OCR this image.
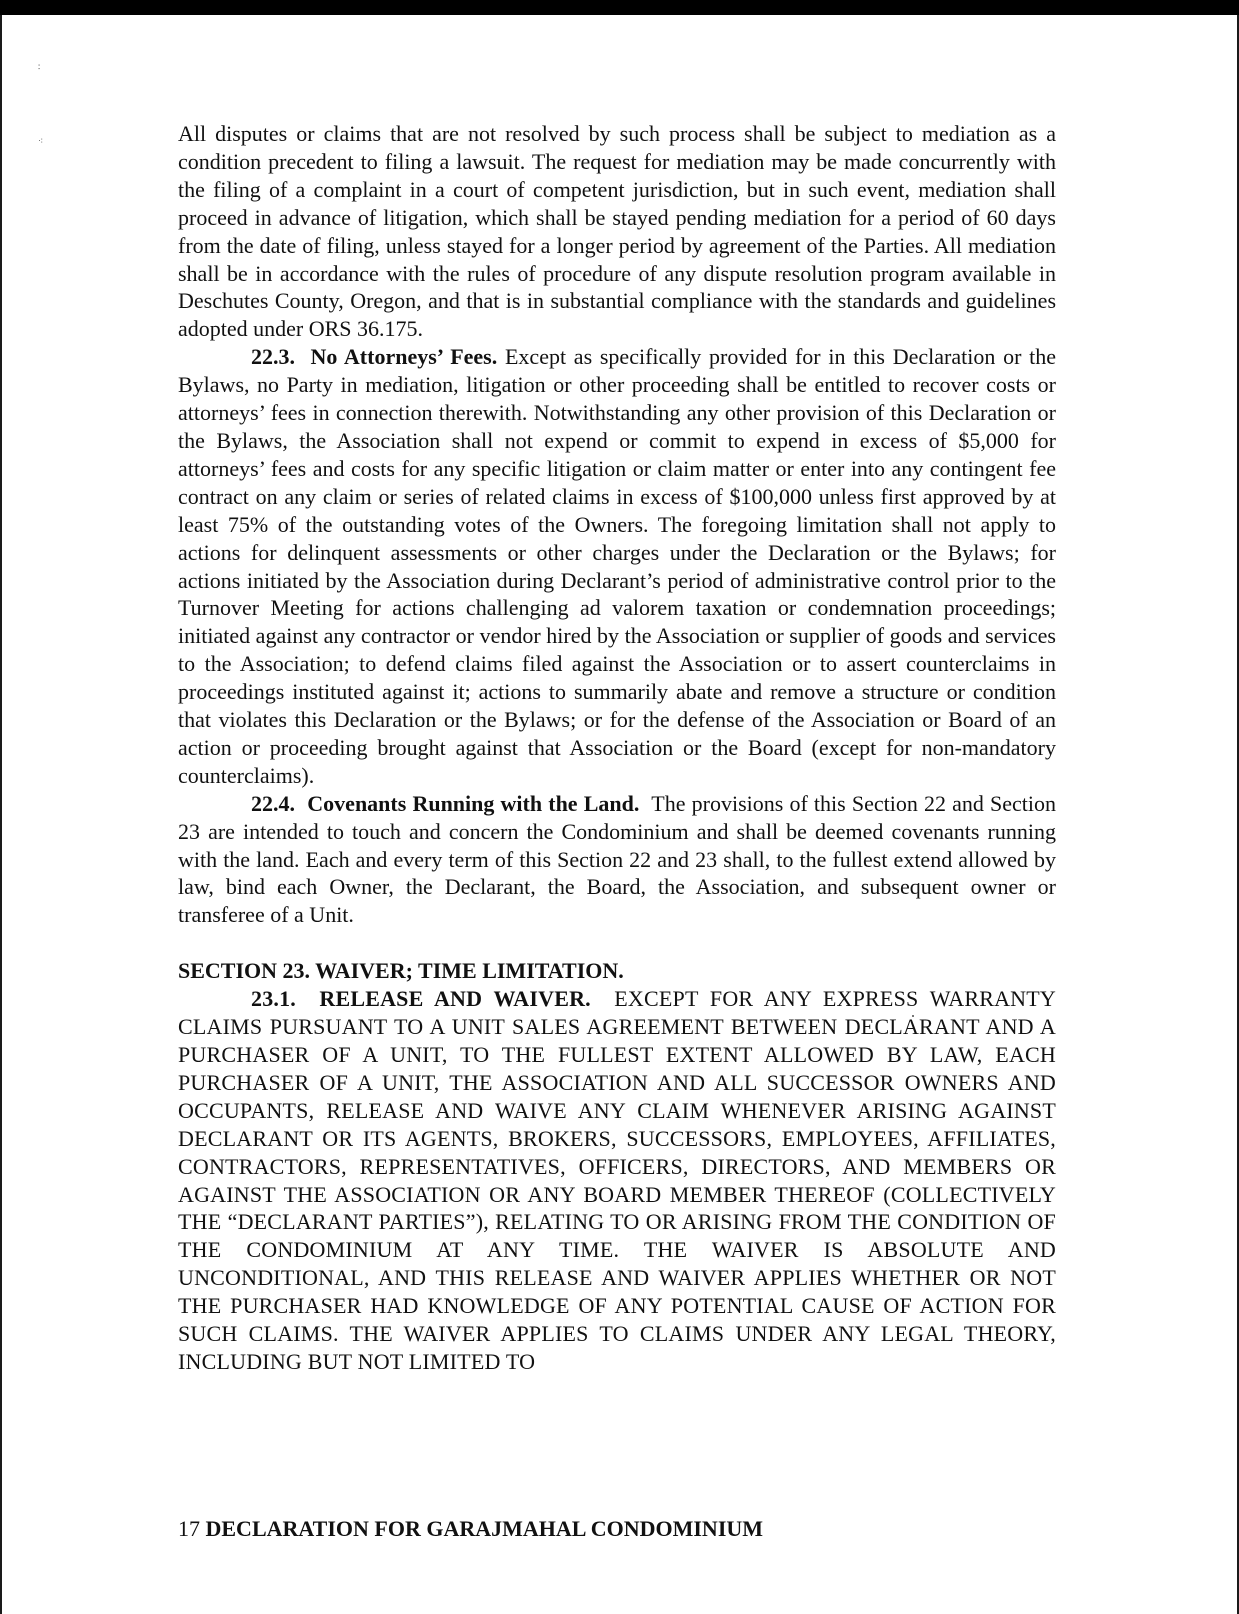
∶
⁖	All disputes or claims that are not resolved by such process shall be subject to mediation as a condition precedent to filing a lawsuit. The request for mediation may be made concurrently with the filing of a complaint in a court of competent jurisdiction, but in such event, mediation shall proceed in advance of litigation, which shall be stayed pending mediation for a period of 60 days from the date of filing, unless stayed for a longer period by agreement of the Parties. All mediation shall be in accordance with the rules of procedure of any dispute resolution program available in Deschutes County, Oregon, and that is in substantial compliance with the standards and guidelines adopted under ORS 36.175.

22.3. No Attorneys’ Fees. Except as specifically provided for in this Declaration or the Bylaws, no Party in mediation, litigation or other proceeding shall be entitled to recover costs or attorneys’ fees in connection therewith. Notwithstanding any other provision of this Declaration or the Bylaws, the Association shall not expend or commit to expend in excess of $5,000 for attorneys’ fees and costs for any specific litigation or claim matter or enter into any contingent fee contract on any claim or series of related claims in excess of $100,000 unless first approved by at least 75% of the outstanding votes of the Owners. The foregoing limitation shall not apply to actions for delinquent assessments or other charges under the Declaration or the Bylaws; for actions initiated by the Association during Declarant’s period of administrative control prior to the Turnover Meeting for actions challenging ad valorem taxation or condemnation proceedings; initiated against any contractor or vendor hired by the Association or supplier of goods and services to the Association; to defend claims filed against the Association or to assert counterclaims in proceedings instituted against it; actions to summarily abate and remove a structure or condition that violates this Declaration or the Bylaws; or for the defense of the Association or Board of an action or proceeding brought against that Association or the Board (except for non-mandatory counterclaims).

22.4. Covenants Running with the Land. The provisions of this Section 22 and Section 23 are intended to touch and concern the Condominium and shall be deemed covenants running with the land. Each and every term of this Section 22 and 23 shall, to the fullest extend allowed by law, bind each Owner, the Declarant, the Board, the Association, and subsequent owner or transferee of a Unit.

SECTION 23. WAIVER; TIME LIMITATION.

23.1. RELEASE AND WAIVER. EXCEPT FOR ANY EXPRESS WARRANTY CLAIMS PURSUANT TO A UNIT SALES AGREEMENT BETWEEN DECLARANT AND A PURCHASER OF A UNIT, TO THE FULLEST EXTENT ALLOWED BY LAW, EACH PURCHASER OF A UNIT, THE ASSOCIATION AND ALL SUCCESSOR OWNERS AND OCCUPANTS, RELEASE AND WAIVE ANY CLAIM WHENEVER ARISING AGAINST DECLARANT OR ITS AGENTS, BROKERS, SUCCESSORS, EMPLOYEES, AFFILIATES, CONTRACTORS, REPRESENTATIVES, OFFICERS, DIRECTORS, AND MEMBERS OR AGAINST THE ASSOCIATION OR ANY BOARD MEMBER THEREOF (COLLECTIVELY THE “DECLARANT PARTIES”), RELATING TO OR ARISING FROM THE CONDITION OF THE CONDOMINIUM AT ANY TIME. THE WAIVER IS ABSOLUTE AND UNCONDITIONAL, AND THIS RELEASE AND WAIVER APPLIES WHETHER OR NOT THE PURCHASER HAD KNOWLEDGE OF ANY POTENTIAL CAUSE OF ACTION FOR SUCH CLAIMS. THE WAIVER APPLIES TO CLAIMS UNDER ANY LEGAL THEORY, INCLUDING BUT NOT LIMITED TO

17 DECLARATION FOR GARAJMAHAL CONDOMINIUM
